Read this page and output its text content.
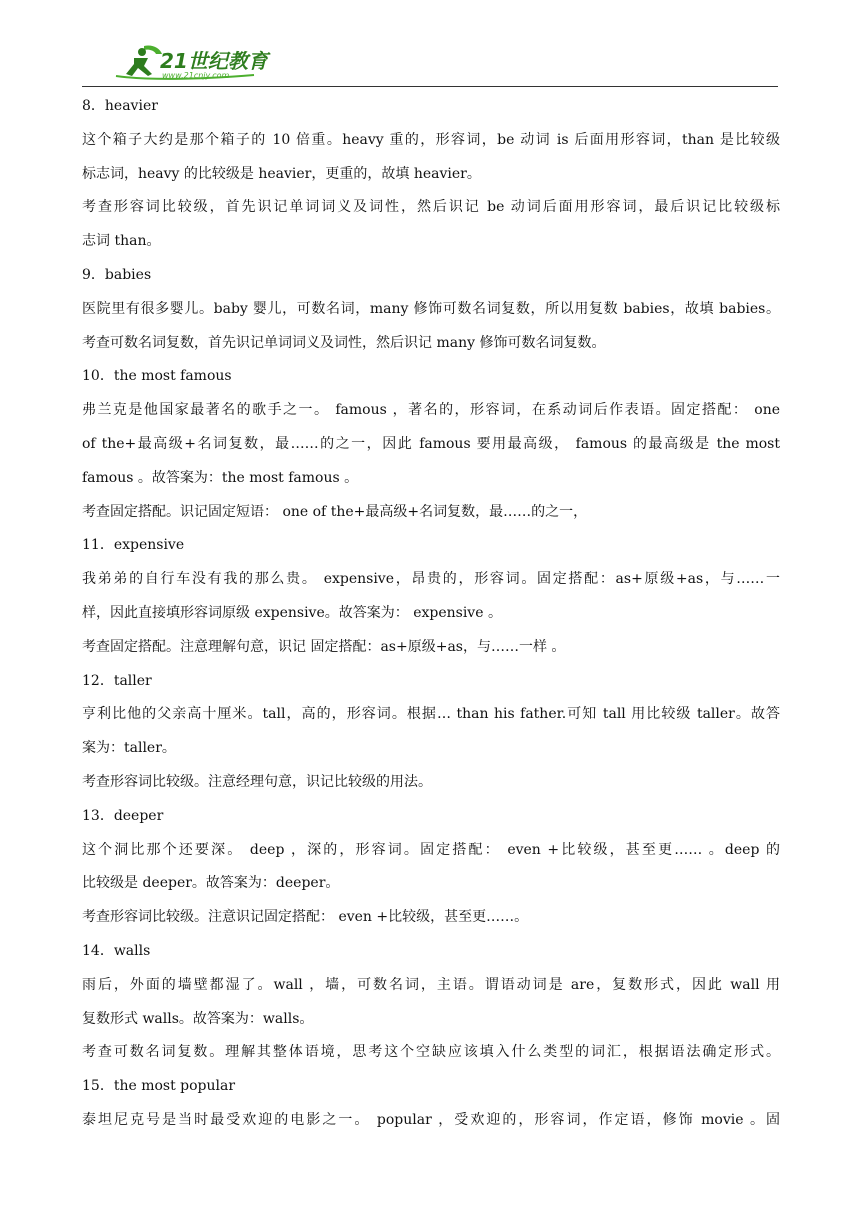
21世纪教育
www.21cnjy.com
8．heavier
这个箱子大约是那个箱子的 10 倍重。heavy 重的，形容词，be 动词 is 后面用形容词，than 是比较级
标志词，heavy 的比较级是 heavier，更重的，故填 heavier。
考查形容词比较级，首先识记单词词义及词性，然后识记 be 动词后面用形容词，最后识记比较级标
志词 than。
9．babies
医院里有很多婴儿。baby 婴儿，可数名词，many 修饰可数名词复数，所以用复数 babies，故填 babies。
考查可数名词复数，首先识记单词词义及词性，然后识记 many 修饰可数名词复数。
10．the most famous
弗兰克是他国家最著名的歌手之一。 famous ，著名的，形容词，在系动词后作表语。固定搭配： one
of the+最高级+名词复数，最……的之一，因此 famous 要用最高级， famous 的最高级是 the most
famous 。故答案为：the most famous 。
考查固定搭配。识记固定短语： one of the+最高级+名词复数，最……的之一，
11．expensive
我弟弟的自行车没有我的那么贵。 expensive，昂贵的，形容词。固定搭配：as+原级+as，与……一
样，因此直接填形容词原级 expensive。故答案为： expensive 。
考查固定搭配。注意理解句意，识记 固定搭配：as+原级+as，与……一样 。
12．taller
亨利比他的父亲高十厘米。tall，高的，形容词。根据… than his father.可知 tall 用比较级 taller。故答
案为：taller。
考查形容词比较级。注意经理句意，识记比较级的用法。
13．deeper
这个洞比那个还要深。 deep ，深的，形容词。固定搭配： even +比较级，甚至更…… 。deep 的
比较级是 deeper。故答案为：deeper。
考查形容词比较级。注意识记固定搭配： even +比较级，甚至更……。
14．walls
雨后，外面的墙壁都湿了。wall ，墙，可数名词，主语。谓语动词是 are，复数形式，因此 wall 用
复数形式 walls。故答案为：walls。
考查可数名词复数。理解其整体语境，思考这个空缺应该填入什么类型的词汇，根据语法确定形式。
15．the most popular
泰坦尼克号是当时最受欢迎的电影之一。 popular ，受欢迎的，形容词，作定语，修饰 movie 。固
